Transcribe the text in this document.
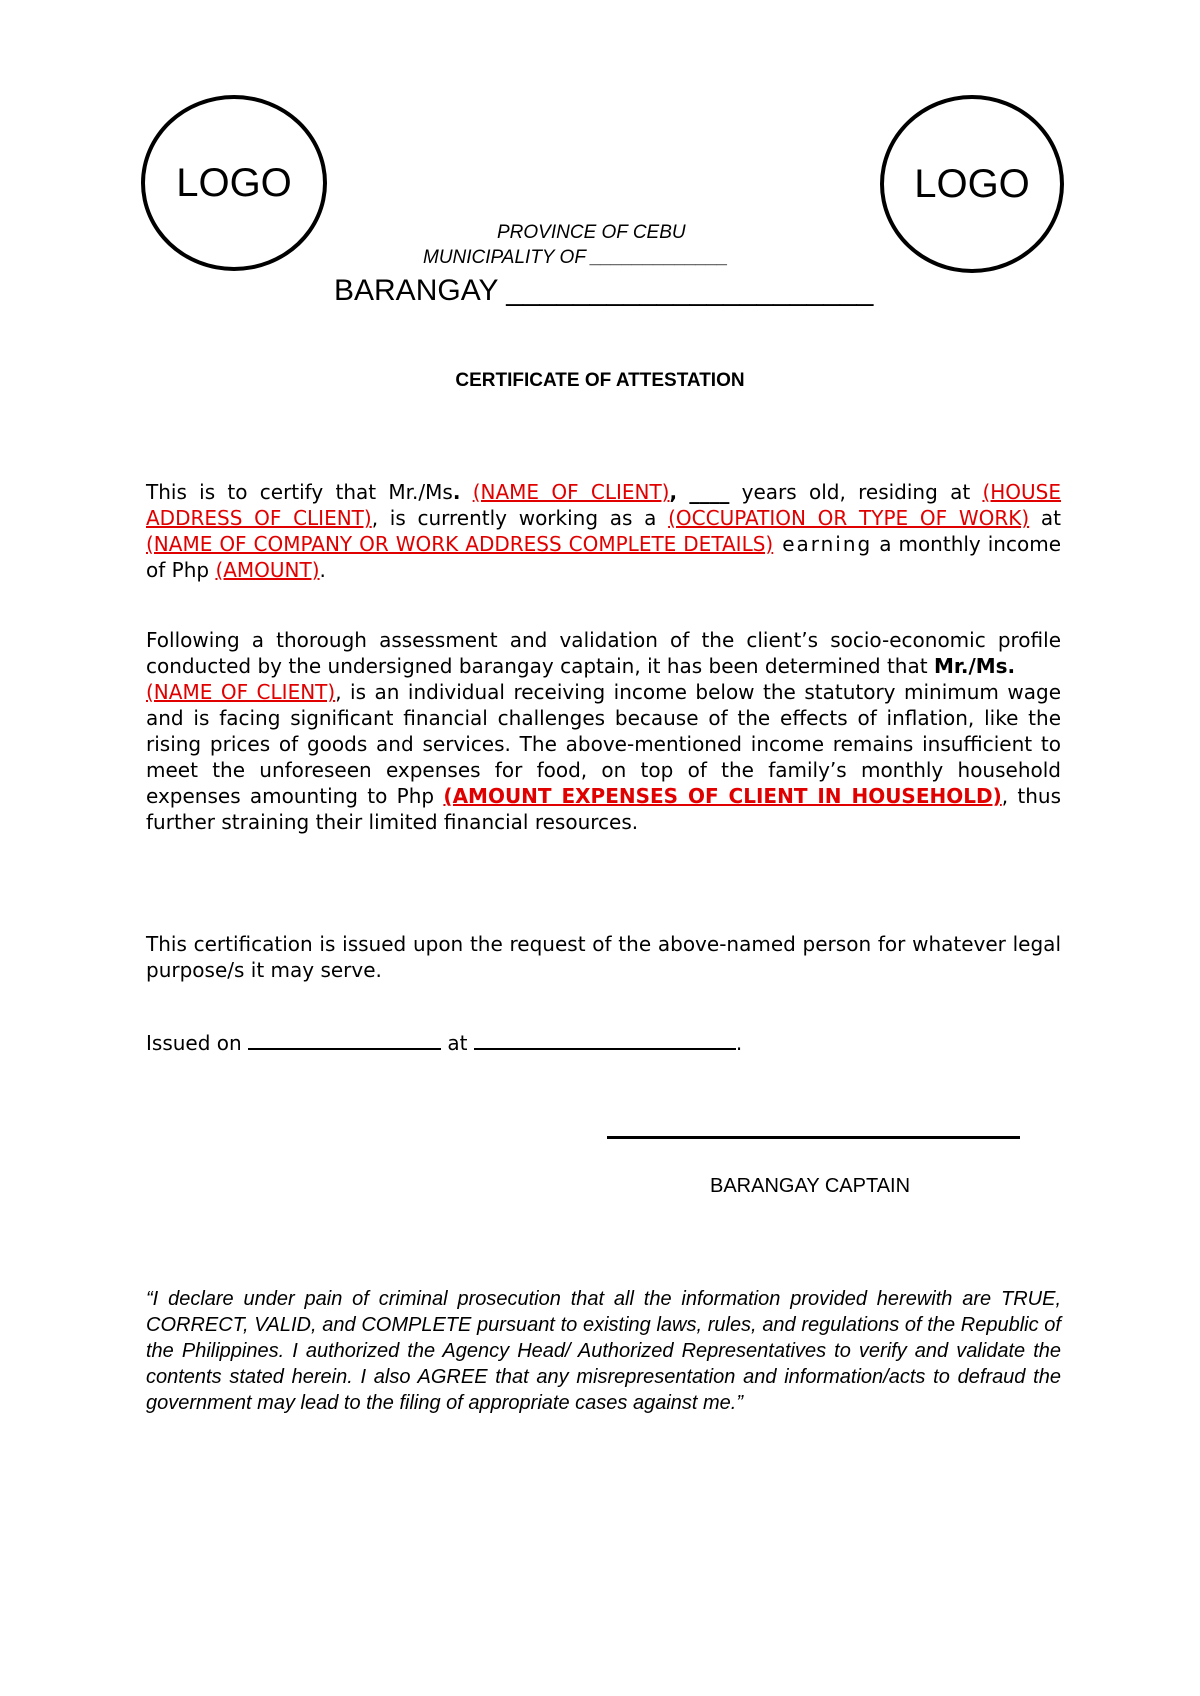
LOGO	LOGO
PROVINCE OF CEBU
MUNICIPALITY OF _____________
BARANGAY ______________________
CERTIFICATE OF ATTESTATION

This is to certify that Mr./Ms. (NAME OF CLIENT), ____ years old, residing at (HOUSE ADDRESS OF CLIENT), is currently working as a (OCCUPATION OR TYPE OF WORK) at (NAME OF COMPANY OR WORK ADDRESS COMPLETE DETAILS) earning a monthly income of Php (AMOUNT).

Following a thorough assessment and validation of the client’s socio-economic profile conducted by the undersigned barangay captain, it has been determined that Mr./Ms.
(NAME OF CLIENT), is an individual receiving income below the statutory minimum wage and is facing significant financial challenges because of the effects of inflation, like the rising prices of goods and services. The above-mentioned income remains insufficient to meet the unforeseen expenses for food, on top of the family’s monthly household expenses amounting to Php (AMOUNT EXPENSES OF CLIENT IN HOUSEHOLD), thus further straining their limited financial resources.

This certification is issued upon the request of the above-named person for whatever legal purpose/s it may serve.

Issued on	at	.
BARANGAY CAPTAIN

“I declare under pain of criminal prosecution that all the information provided herewith are TRUE, CORRECT, VALID, and COMPLETE pursuant to existing laws, rules, and regulations of the Republic of the Philippines. I authorized the Agency Head/ Authorized Representatives to verify and validate the contents stated herein. I also AGREE that any misrepresentation and information/acts to defraud the government may lead to the filing of appropriate cases against me.”
